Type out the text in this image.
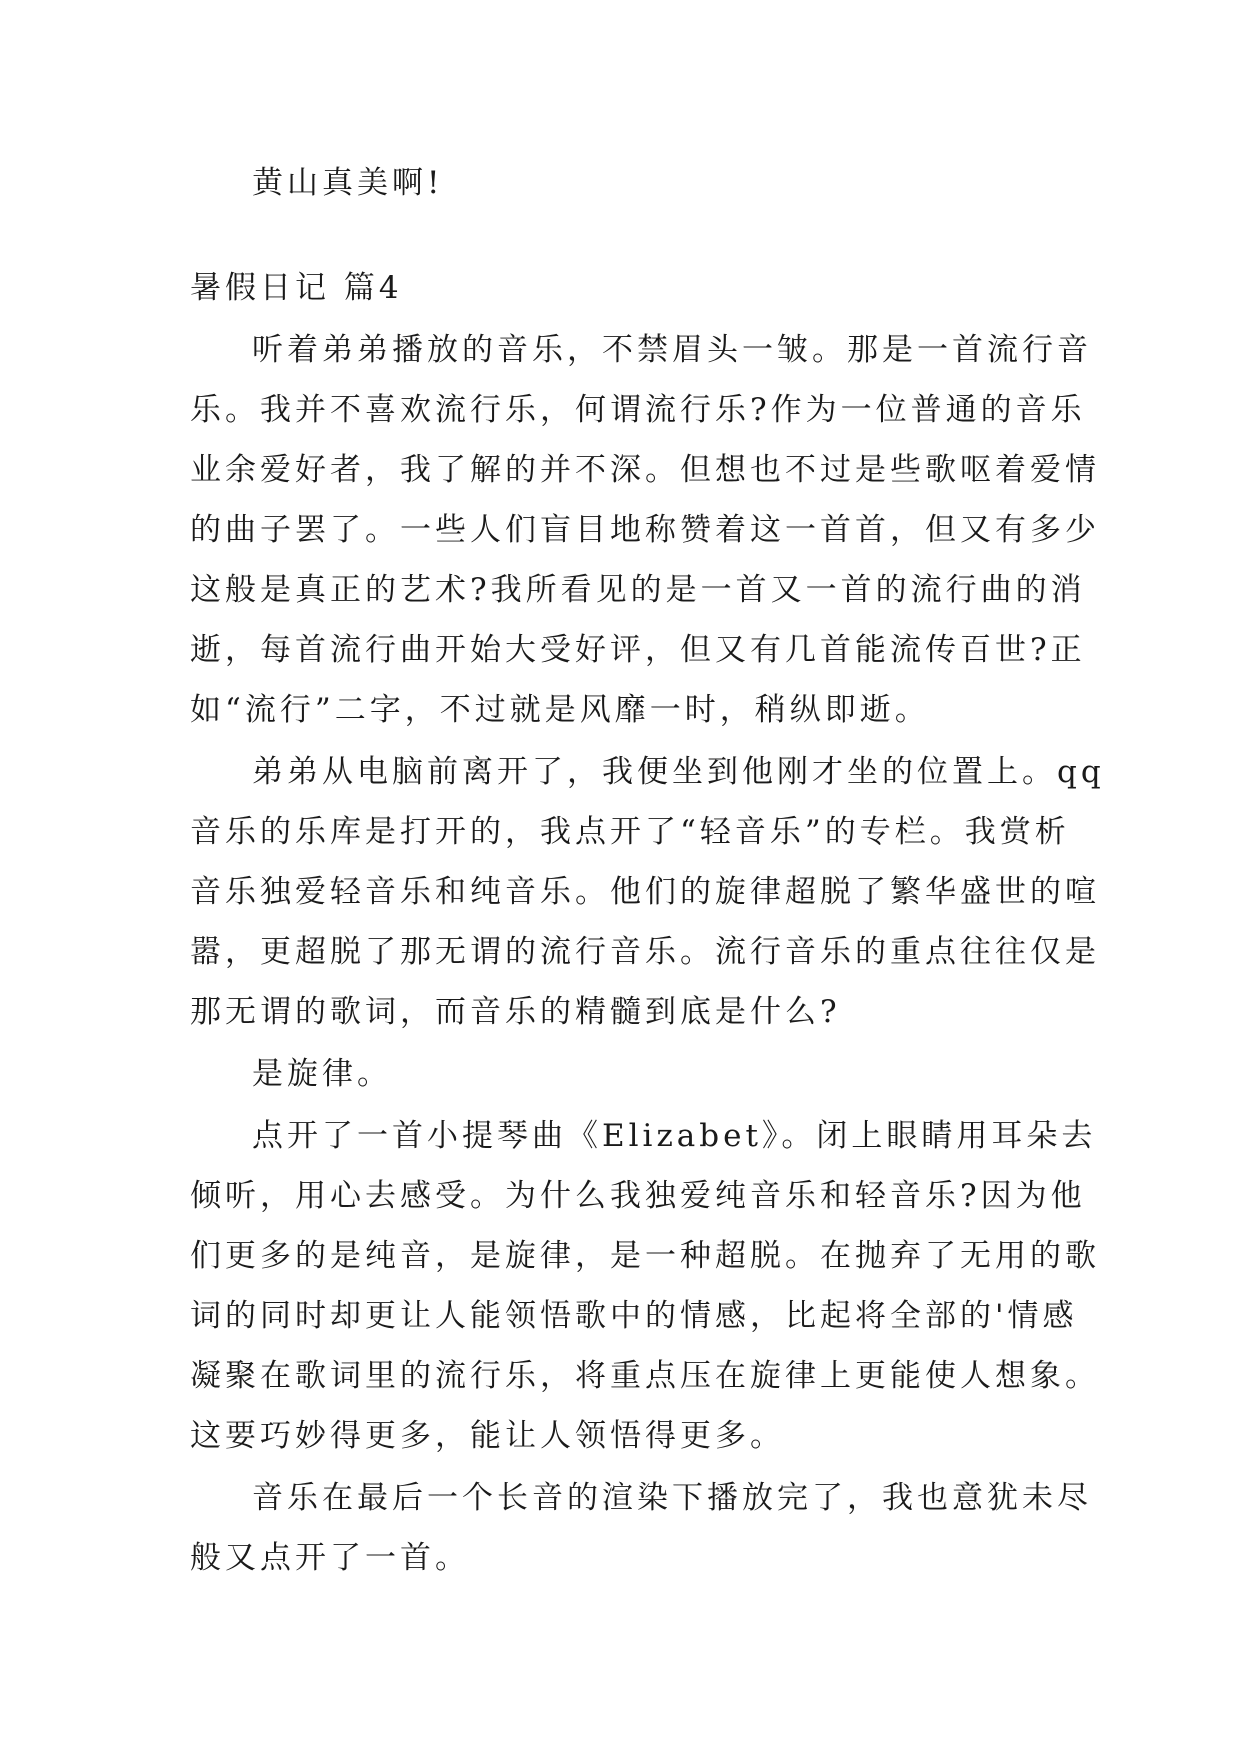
黄山真美啊!
暑假日记 篇4
听着弟弟播放的音乐，不禁眉头一皱。那是一首流行音
乐。我并不喜欢流行乐，何谓流行乐?作为一位普通的音乐
业余爱好者，我了解的并不深。但想也不过是些歌呕着爱情
的曲子罢了。一些人们盲目地称赞着这一首首，但又有多少
这般是真正的艺术?我所看见的是一首又一首的流行曲的消
逝，每首流行曲开始大受好评，但又有几首能流传百世?正
如“流行”二字，不过就是风靡一时，稍纵即逝。
弟弟从电脑前离开了，我便坐到他刚才坐的位置上。qq
音乐的乐库是打开的，我点开了“轻音乐”的专栏。我赏析
音乐独爱轻音乐和纯音乐。他们的旋律超脱了繁华盛世的喧
嚣，更超脱了那无谓的流行音乐。流行音乐的重点往往仅是
那无谓的歌词，而音乐的精髓到底是什么?
是旋律。
点开了一首小提琴曲《Elizabet》。闭上眼睛用耳朵去
倾听，用心去感受。为什么我独爱纯音乐和轻音乐?因为他
们更多的是纯音，是旋律，是一种超脱。在抛弃了无用的歌
词的同时却更让人能领悟歌中的情感，比起将全部的'情感
凝聚在歌词里的流行乐，将重点压在旋律上更能使人想象。
这要巧妙得更多，能让人领悟得更多。
音乐在最后一个长音的渲染下播放完了，我也意犹未尽
般又点开了一首。
